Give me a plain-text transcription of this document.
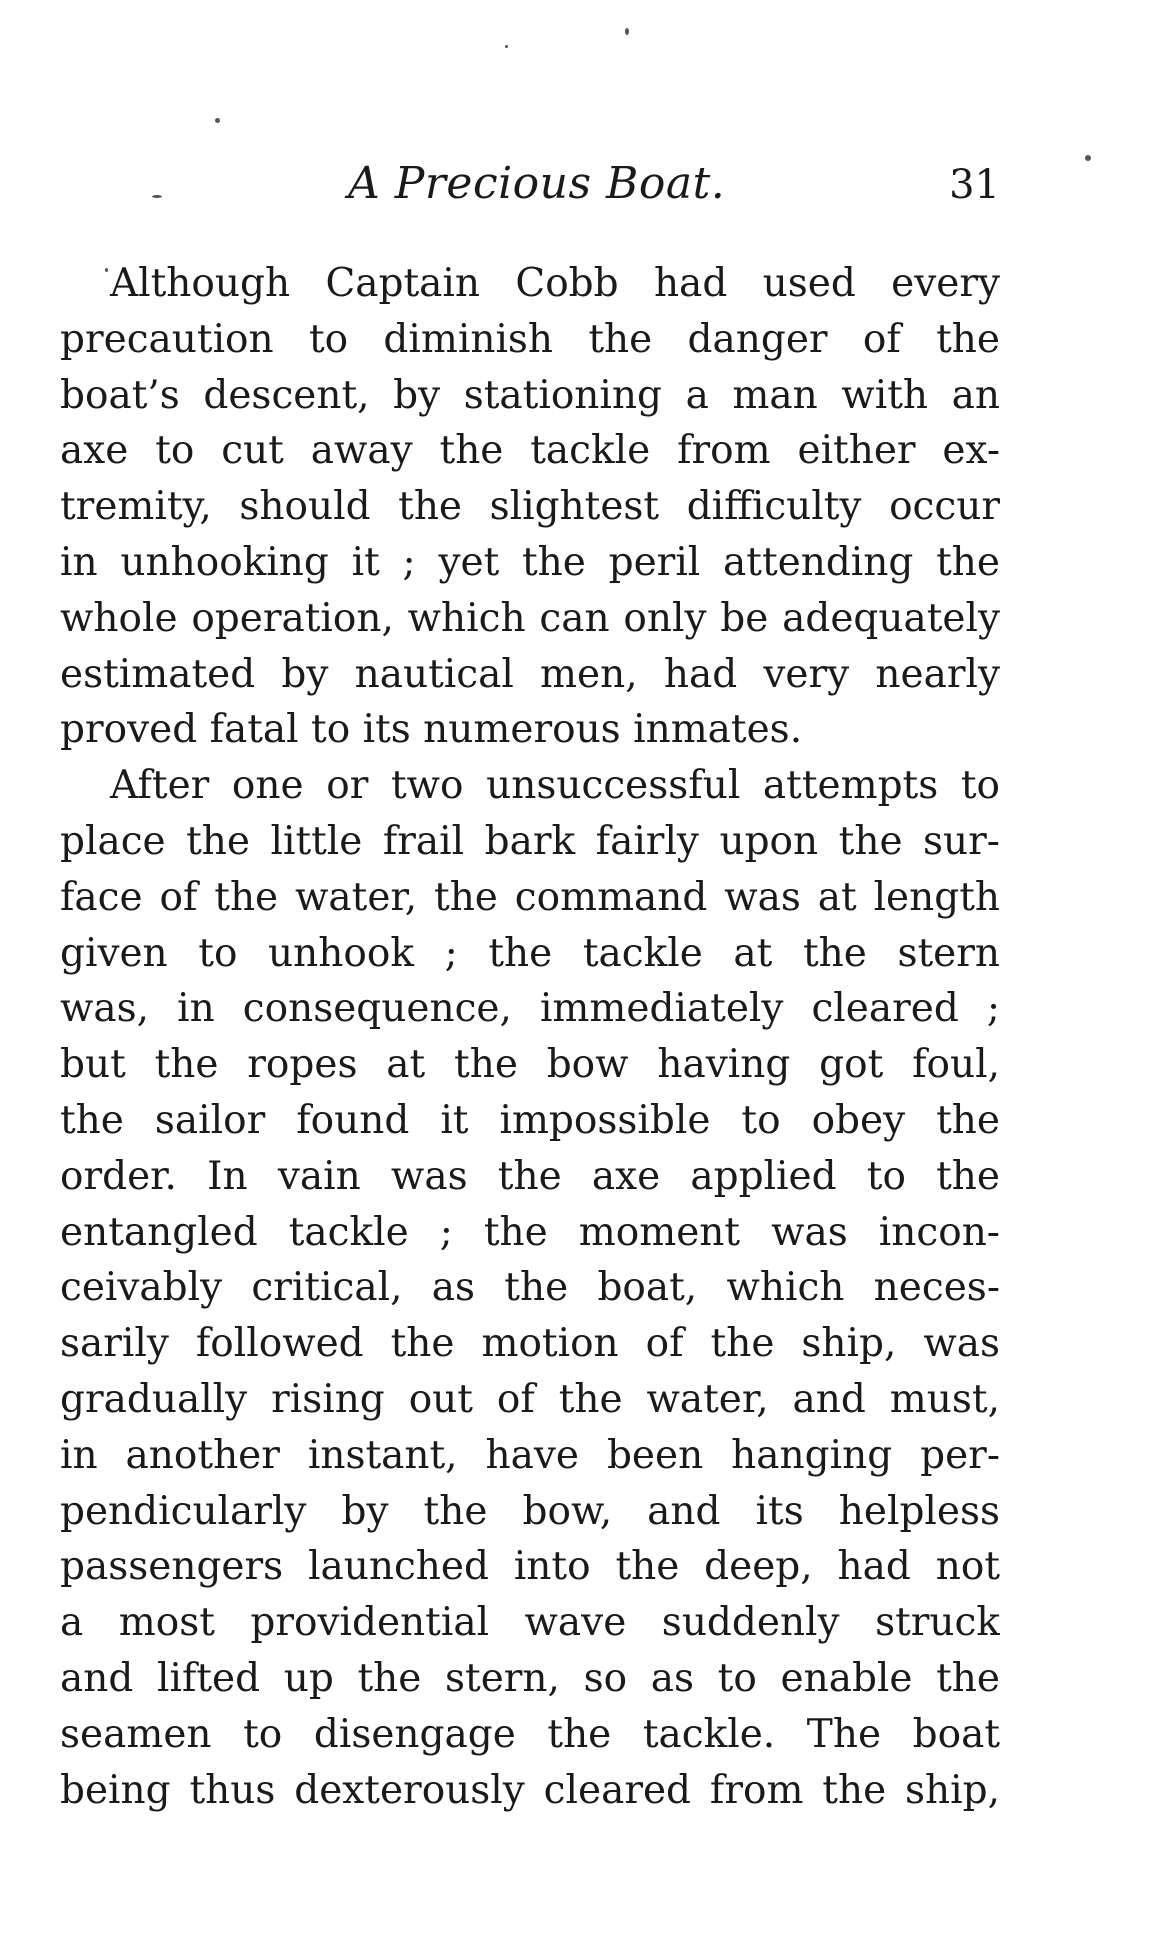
A Precious Boat.	31
Although Captain Cobb had used every
precaution to diminish the danger of the
boat’s descent, by stationing a man with an
axe to cut away the tackle from either ex-
tremity, should the slightest difficulty occur
in unhooking it ; yet the peril attending the
whole operation, which can only be adequately
estimated by nautical men, had very nearly
proved fatal to its numerous inmates.
After one or two unsuccessful attempts to
place the little frail bark fairly upon the sur-
face of the water, the command was at length
given to unhook ; the tackle at the stern
was, in consequence, immediately cleared ;
but the ropes at the bow having got foul,
the sailor found it impossible to obey the
order. In vain was the axe applied to the
entangled tackle ; the moment was incon-
ceivably critical, as the boat, which neces-
sarily followed the motion of the ship, was
gradually rising out of the water, and must,
in another instant, have been hanging per-
pendicularly by the bow, and its helpless
passengers launched into the deep, had not
a most providential wave suddenly struck
and lifted up the stern, so as to enable the
seamen to disengage the tackle. The boat
being thus dexterously cleared from the ship,
